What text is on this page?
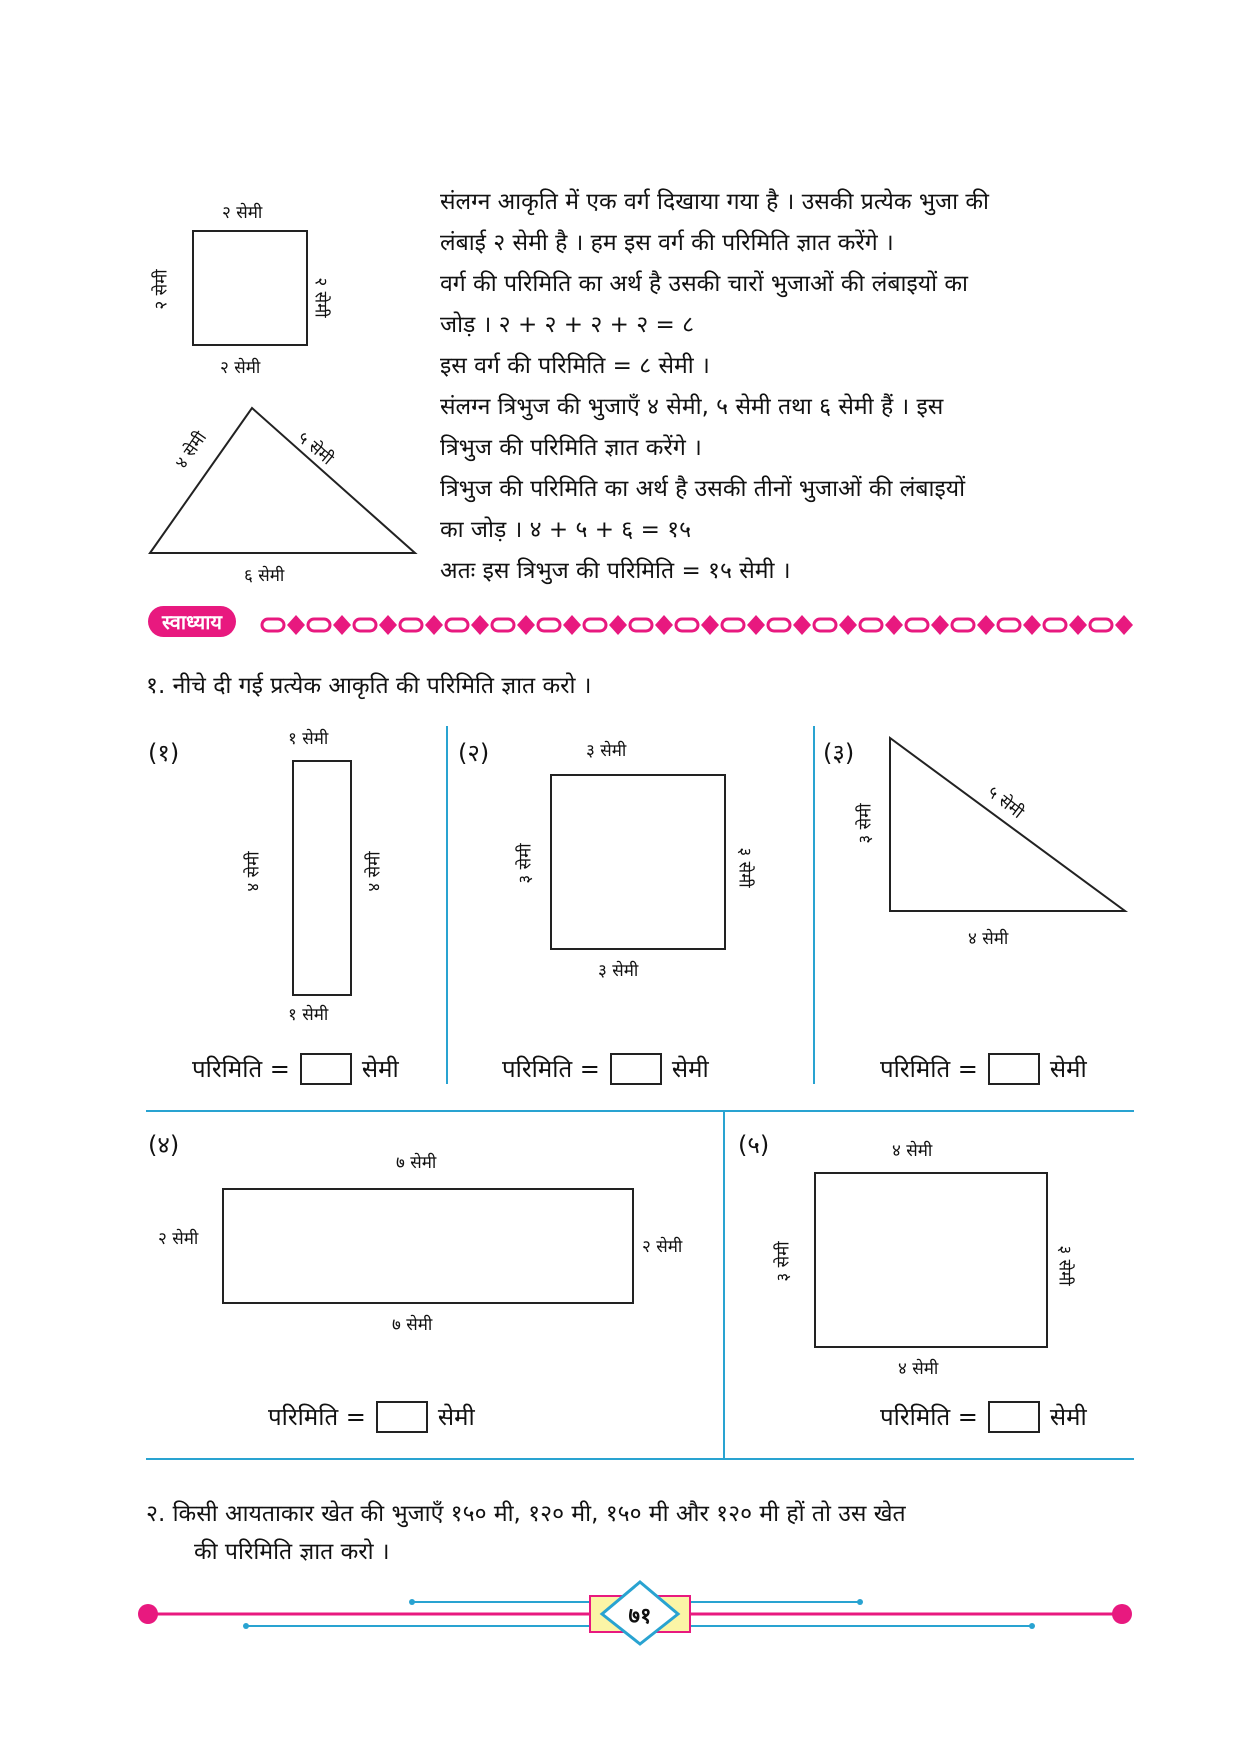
२ सेमी
२ सेमी
२ सेमी	२ सेमी
४ सेमी	५ सेमी
६ सेमी
संलग्न आकृति में एक वर्ग दिखाया गया है । उसकी प्रत्येक भुजा की
लंबाई २ सेमी है । हम इस वर्ग की परिमिति ज्ञात करेंगे ।
वर्ग की परिमिति का अर्थ है उसकी चारों भुजाओं की लंबाइयों का
जोड़ । २ + २ + २ + २ = ८
इस वर्ग की परिमिति = ८ सेमी ।
संलग्न त्रिभुज की भुजाएँ ४ सेमी, ५ सेमी तथा ६ सेमी हैं । इस
त्रिभुज की परिमिति ज्ञात करेंगे ।
त्रिभुज की परिमिति का अर्थ है उसकी तीनों भुजाओं की लंबाइयों
का जोड़ । ४ + ५ + ६ = १५
अतः इस त्रिभुज की परिमिति = १५ सेमी ।
स्वाध्याय
१. नीचे दी गई प्रत्येक आकृति की परिमिति ज्ञात करो ।
(१)	१ सेमी
१ सेमी
४ सेमी	४ सेमी
परिमिति =	सेमी
(२)	३ सेमी
३ सेमी
३ सेमी	३ सेमी
परिमिति =	सेमी
(३)
३ सेमी
५ सेमी
४ सेमी
परिमिति =	सेमी
(४)
७ सेमी
७ सेमी
२ सेमी	२ सेमी
परिमिति =	सेमी
(५)	४ सेमी
४ सेमी
३ सेमी	३ सेमी
परिमिति =	सेमी
२. किसी आयताकार खेत की भुजाएँ १५० मी, १२० मी, १५० मी और १२० मी हों तो उस खेत
की परिमिति ज्ञात करो ।
७१
